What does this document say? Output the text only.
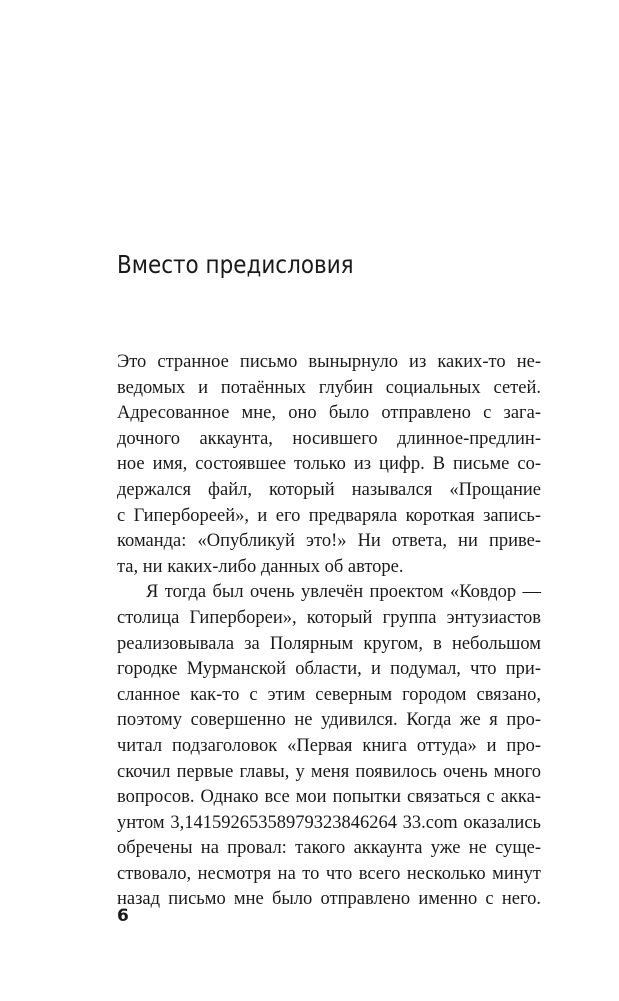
Вместо предисловия
Это странное письмо вынырнуло из каких-то не-
ведомых и потаённых глубин социальных сетей.
Адресованное мне, оно было отправлено с зага-
дочного аккаунта, носившего длинное-предлин-
ное имя, состоявшее только из цифр. В письме со-
держался файл, который назывался «Прощание
с Гипербореей», и его предваряла короткая запись-
команда: «Опубликуй это!» Ни ответа, ни приве-
та, ни каких-либо данных об авторе.
Я тогда был очень увлечён проектом «Ковдор —
столица Гипербореи», который группа энтузиастов
реализовывала за Полярным кругом, в небольшом
городке Мурманской области, и подумал, что при-
сланное как-то с этим северным городом связано,
поэтому совершенно не удивился. Когда же я про-
читал подзаголовок «Первая книга оттуда» и про-
скочил первые главы, у меня появилось очень много
вопросов. Однако все мои попытки связаться с акка-
унтом 3,14159265358979323846264 33.com оказались
обречены на провал: такого аккаунта уже не суще-
ствовало, несмотря на то что всего несколько минут
назад письмо мне было отправлено именно с него.
6
